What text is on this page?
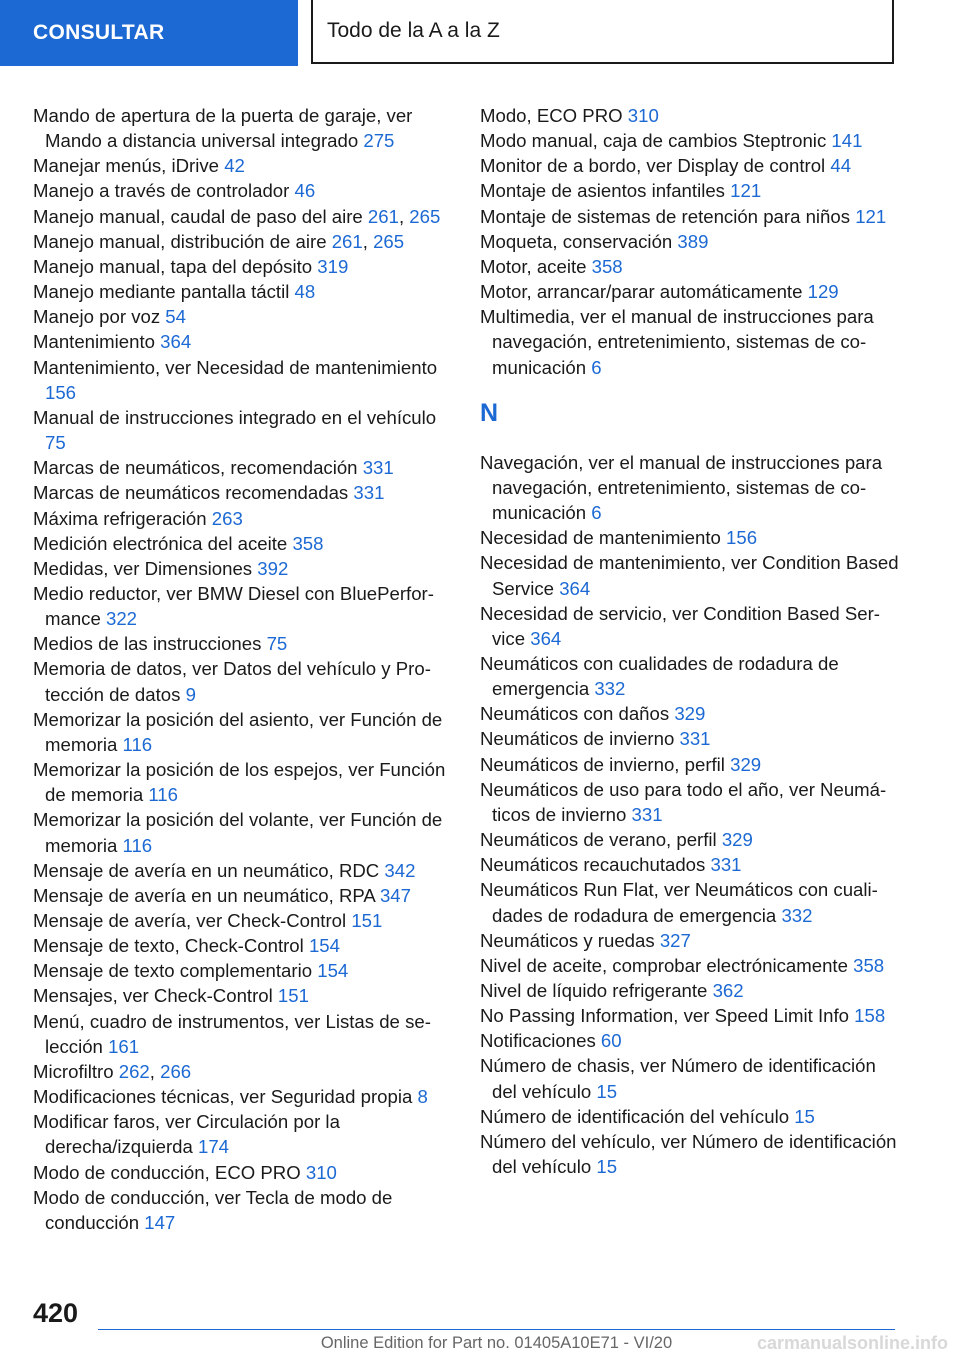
CONSULTAR	Todo de la A a la Z
Mando de apertura de la puerta de garaje, ver Mando a distancia universal integrado 275
Manejar menús, iDrive 42
Manejo a través de controlador 46
Manejo manual, caudal de paso del aire 261, 265
Manejo manual, distribución de aire 261, 265
Manejo manual, tapa del depósito 319
Manejo mediante pantalla táctil 48
Manejo por voz 54
Mantenimiento 364
Mantenimiento, ver Necesidad de mantenimiento 156
Manual de instrucciones integrado en el vehículo 75
Marcas de neumáticos, recomendación 331
Marcas de neumáticos recomendadas 331
Máxima refrigeración 263
Medición electrónica del aceite 358
Medidas, ver Dimensiones 392
Medio reductor, ver BMW Diesel con BluePerformance 322
Medios de las instrucciones 75
Memoria de datos, ver Datos del vehículo y Protección de datos 9
Memorizar la posición del asiento, ver Función de memoria 116
Memorizar la posición de los espejos, ver Función de memoria 116
Memorizar la posición del volante, ver Función de memoria 116
Mensaje de avería en un neumático, RDC 342
Mensaje de avería en un neumático, RPA 347
Mensaje de avería, ver Check-Control 151
Mensaje de texto, Check-Control 154
Mensaje de texto complementario 154
Mensajes, ver Check-Control 151
Menú, cuadro de instrumentos, ver Listas de selección 161
Microfiltro 262, 266
Modificaciones técnicas, ver Seguridad propia 8
Modificar faros, ver Circulación por la derecha/izquierda 174
Modo de conducción, ECO PRO 310
Modo de conducción, ver Tecla de modo de conducción 147
Modo, ECO PRO 310
Modo manual, caja de cambios Steptronic 141
Monitor de a bordo, ver Display de control 44
Montaje de asientos infantiles 121
Montaje de sistemas de retención para niños 121
Moqueta, conservación 389
Motor, aceite 358
Motor, arrancar/parar automáticamente 129
Multimedia, ver el manual de instrucciones para navegación, entretenimiento, sistemas de comunicación 6
N
Navegación, ver el manual de instrucciones para navegación, entretenimiento, sistemas de comunicación 6
Necesidad de mantenimiento 156
Necesidad de mantenimiento, ver Condition Based Service 364
Necesidad de servicio, ver Condition Based Service 364
Neumáticos con cualidades de rodadura de emergencia 332
Neumáticos con daños 329
Neumáticos de invierno 331
Neumáticos de invierno, perfil 329
Neumáticos de uso para todo el año, ver Neumáticos de invierno 331
Neumáticos de verano, perfil 329
Neumáticos recauchutados 331
Neumáticos Run Flat, ver Neumáticos con cualidades de rodadura de emergencia 332
Neumáticos y ruedas 327
Nivel de aceite, comprobar electrónicamente 358
Nivel de líquido refrigerante 362
No Passing Information, ver Speed Limit Info 158
Notificaciones 60
Número de chasis, ver Número de identificación del vehículo 15
Número de identificación del vehículo 15
Número del vehículo, ver Número de identificación del vehículo 15
420
Online Edition for Part no. 01405A10E71 - VI/20	carmanualsonline.info
